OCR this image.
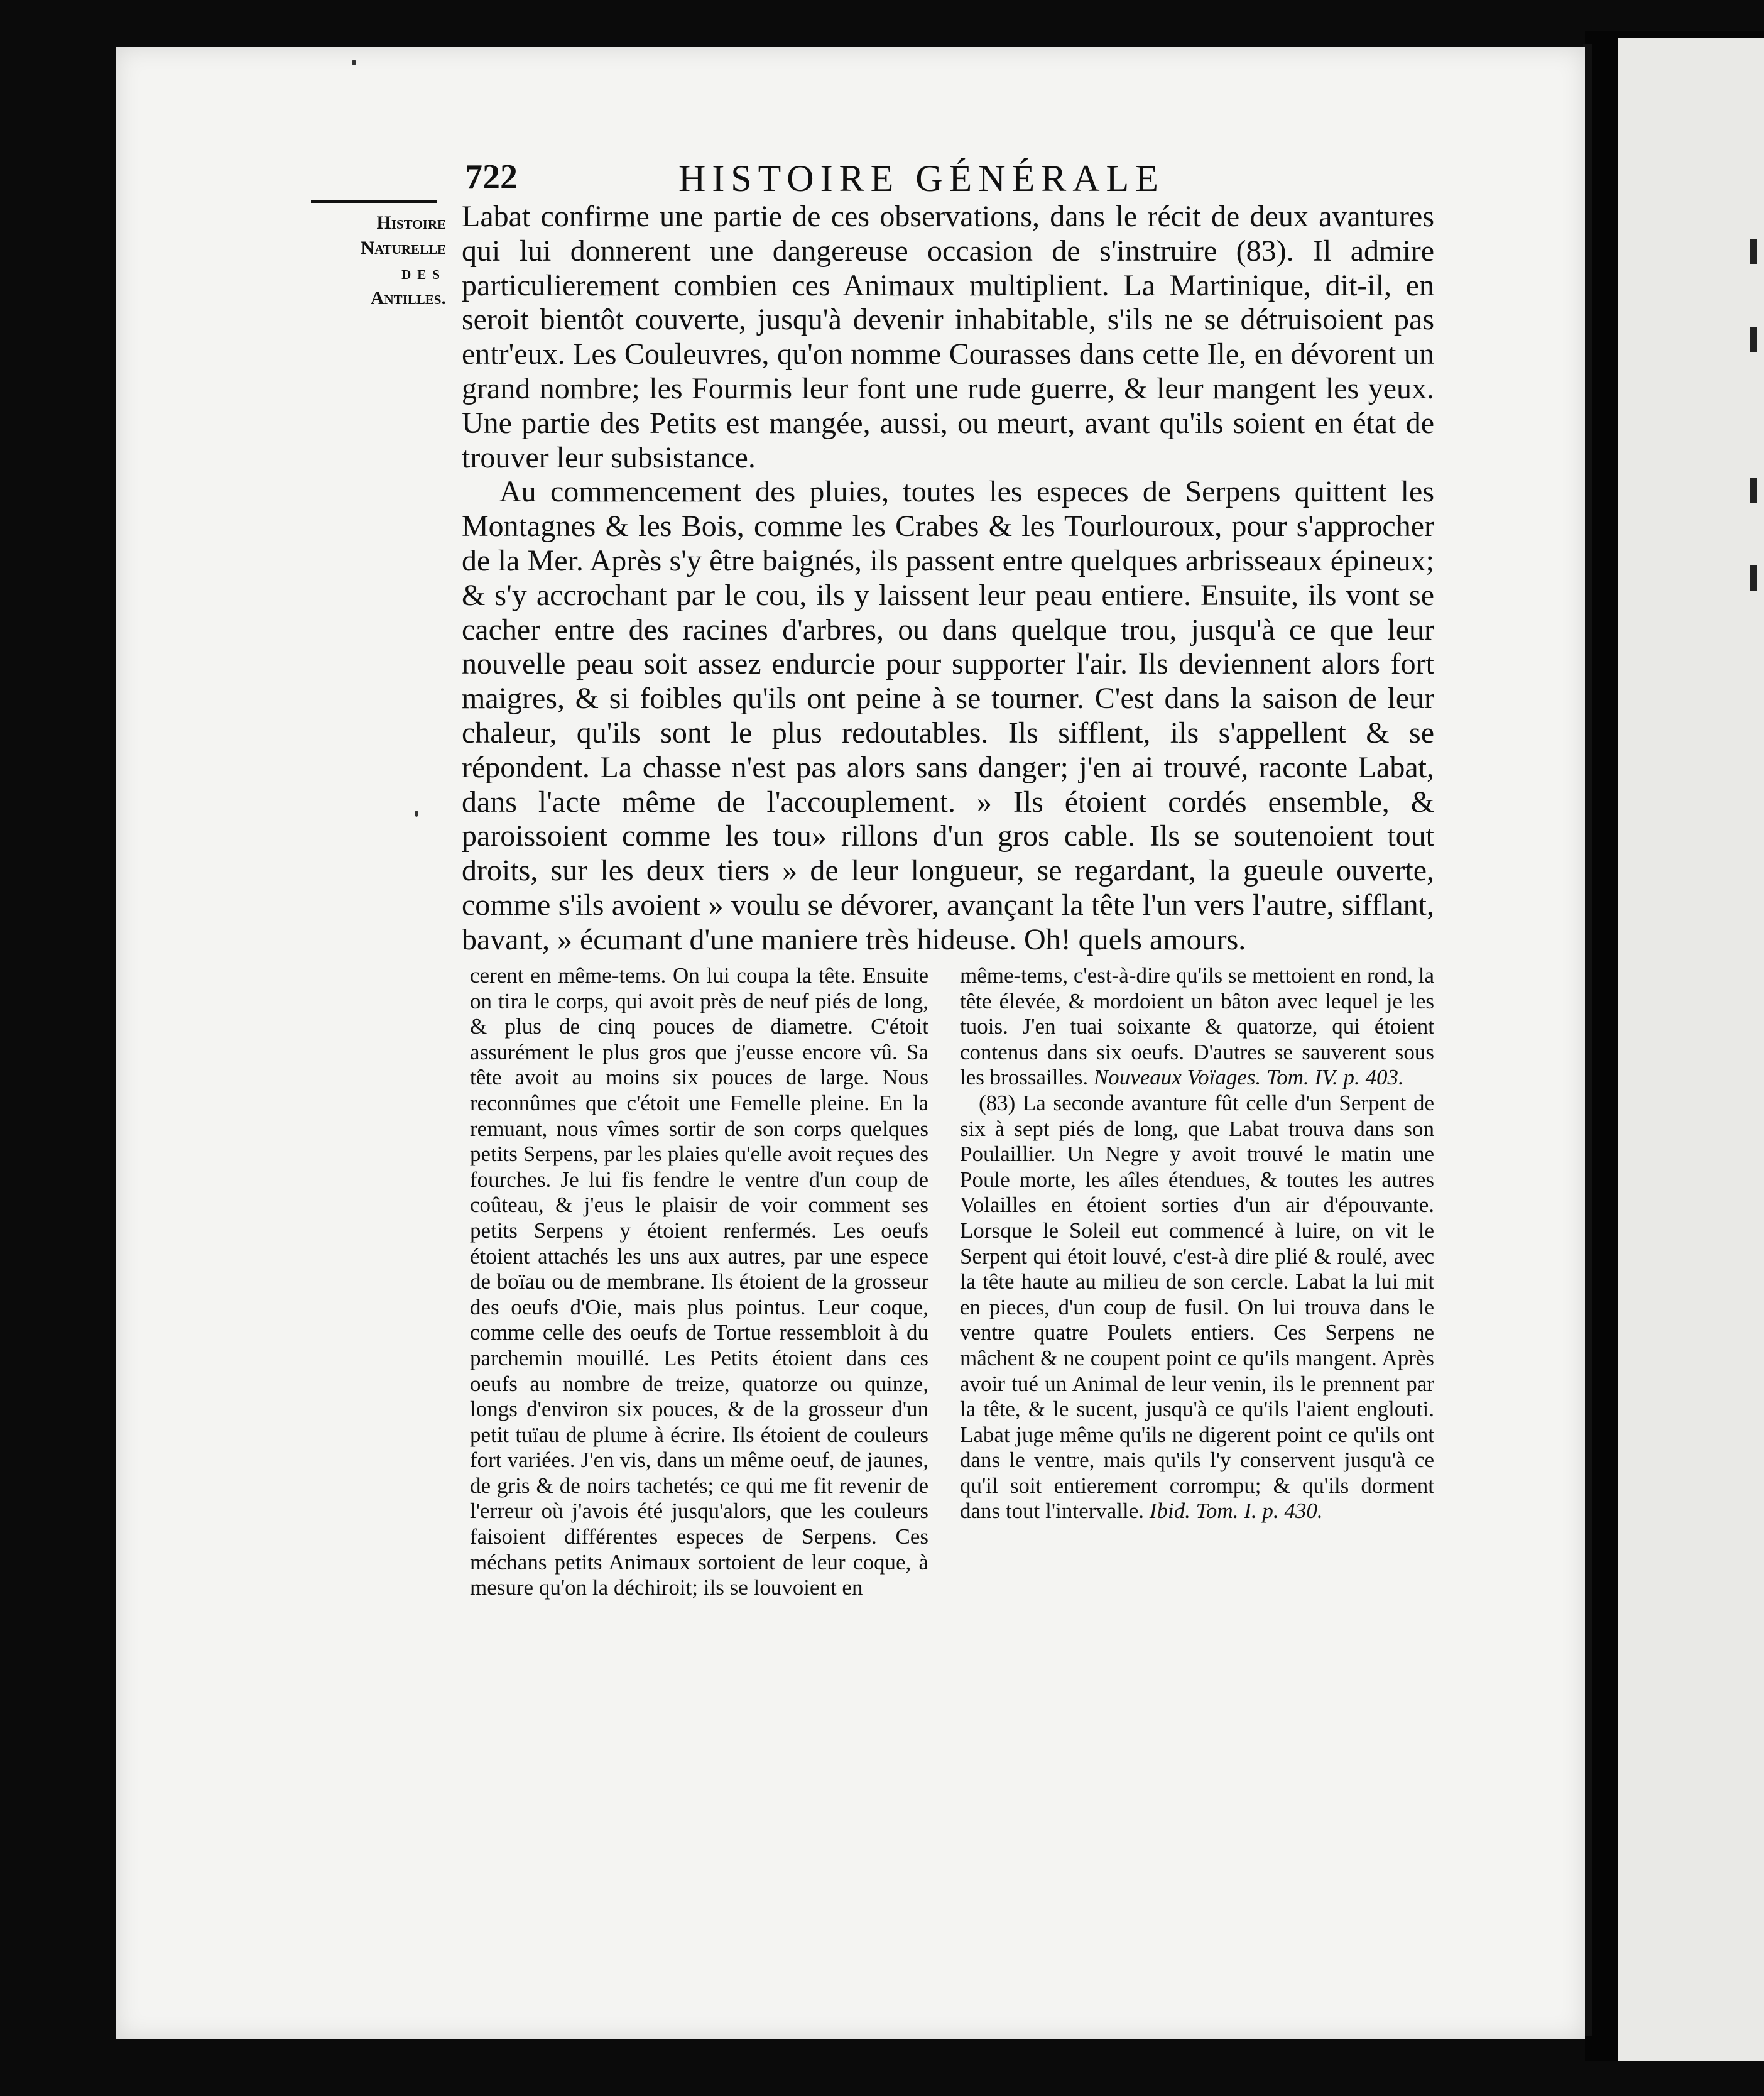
722	HISTOIRE GÉNÉRALE
Histoire
Naturelle
des
Antilles.

Labat confirme une partie de ces observations, dans le récit de deux avantures qui lui donnerent une dangereuse occasion de s'instruire (83). Il admire particulierement combien ces Animaux multiplient. La Martinique, dit-il, en seroit bientôt couverte, jusqu'à devenir inhabitable, s'ils ne se détruisoient pas entr'eux. Les Couleuvres, qu'on nomme Courasses dans cette Ile, en dévorent un grand nombre; les Fourmis leur font une rude guerre, & leur mangent les yeux. Une partie des Petits est mangée, aussi, ou meurt, avant qu'ils soient en état de trouver leur subsistance.

Au commencement des pluies, toutes les especes de Serpens quittent les Montagnes & les Bois, comme les Crabes & les Tourlouroux, pour s'approcher de la Mer. Après s'y être baignés, ils passent entre quelques arbrisseaux épineux; & s'y accrochant par le cou, ils y laissent leur peau entiere. Ensuite, ils vont se cacher entre des racines d'arbres, ou dans quelque trou, jusqu'à ce que leur nouvelle peau soit assez endurcie pour supporter l'air. Ils deviennent alors fort maigres, & si foibles qu'ils ont peine à se tourner. C'est dans la saison de leur chaleur, qu'ils sont le plus redoutables. Ils sifflent, ils s'appellent & se répondent. La chasse n'est pas alors sans danger; j'en ai trouvé, raconte Labat, dans l'acte même de l'accouplement. » Ils étoient cordés ensemble, & paroissoient comme les tou» rillons d'un gros cable. Ils se soutenoient tout droits, sur les deux tiers » de leur longueur, se regardant, la gueule ouverte, comme s'ils avoient » voulu se dévorer, avançant la tête l'un vers l'autre, sifflant, bavant, » écumant d'une maniere très hideuse. Oh! quels amours.

cerent en même-tems. On lui coupa la tête. Ensuite on tira le corps, qui avoit près de neuf piés de long, & plus de cinq pouces de diametre. C'étoit assurément le plus gros que j'eusse encore vû. Sa tête avoit au moins six pouces de large. Nous reconnûmes que c'étoit une Femelle pleine. En la remuant, nous vîmes sortir de son corps quelques petits Serpens, par les plaies qu'elle avoit reçues des fourches. Je lui fis fendre le ventre d'un coup de coûteau, & j'eus le plaisir de voir comment ses petits Serpens y étoient renfermés. Les oeufs étoient attachés les uns aux autres, par une espece de boïau ou de membrane. Ils étoient de la grosseur des oeufs d'Oie, mais plus pointus. Leur coque, comme celle des oeufs de Tortue ressembloit à du parchemin mouillé. Les Petits étoient dans ces oeufs au nombre de treize, quatorze ou quinze, longs d'environ six pouces, & de la grosseur d'un petit tuïau de plume à écrire. Ils étoient de couleurs fort variées. J'en vis, dans un même oeuf, de jaunes, de gris & de noirs tachetés; ce qui me fit revenir de l'erreur où j'avois été jusqu'alors, que les couleurs faisoient différentes especes de Serpens. Ces méchans petits Animaux sortoient de leur coque, à mesure qu'on la déchiroit; ils se louvoient en

même-tems, c'est-à-dire qu'ils se mettoient en rond, la tête élevée, & mordoient un bâton avec lequel je les tuois. J'en tuai soixante & quatorze, qui étoient contenus dans six oeufs. D'autres se sauverent sous les brossailles. Nouveaux Voïages. Tom. IV. p. 403.

(83) La seconde avanture fût celle d'un Serpent de six à sept piés de long, que Labat trouva dans son Poulaillier. Un Negre y avoit trouvé le matin une Poule morte, les aîles étendues, & toutes les autres Volailles en étoient sorties d'un air d'épouvante. Lorsque le Soleil eut commencé à luire, on vit le Serpent qui étoit louvé, c'est-à dire plié & roulé, avec la tête haute au milieu de son cercle. Labat la lui mit en pieces, d'un coup de fusil. On lui trouva dans le ventre quatre Poulets entiers. Ces Serpens ne mâchent & ne coupent point ce qu'ils mangent. Après avoir tué un Animal de leur venin, ils le prennent par la tête, & le sucent, jusqu'à ce qu'ils l'aient englouti. Labat juge même qu'ils ne digerent point ce qu'ils ont dans le ventre, mais qu'ils l'y conservent jusqu'à ce qu'il soit entierement corrompu; & qu'ils dorment dans tout l'intervalle. Ibid. Tom. I. p. 430.
